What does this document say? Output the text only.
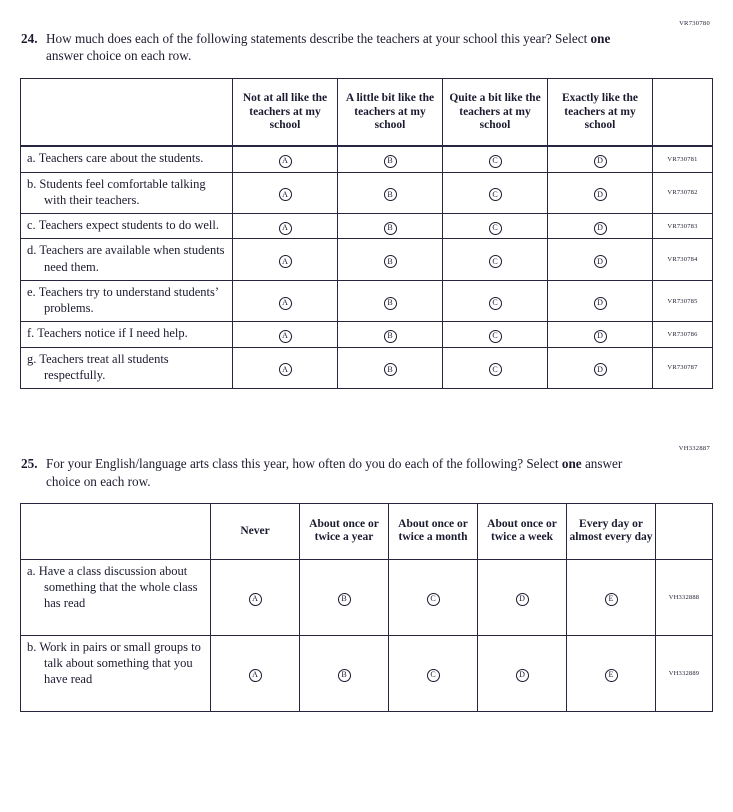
VR730780

24. How much does each of the following statements describe the teachers at your school this year? Select one answer choice on each row.

	Not at all like the teachers at my school	A little bit like the teachers at my school	Quite a bit like the teachers at my school	Exactly like the teachers at my school	

a. Teachers care about the students.	A	B	C	D	VR730781

b. Students feel comfortable talking with their teachers.	A	B	C	D	VR730782

c. Teachers expect students to do well.	A	B	C	D	VR730783

d. Teachers are available when students need them.	A	B	C	D	VR730784

e. Teachers try to understand students’ problems.	A	B	C	D	VR730785

f. Teachers notice if I need help.	A	B	C	D	VR730786

g. Teachers treat all students respectfully.	A	B	C	D	VR730787
VH332887

25. For your English/language arts class this year, how often do you do each of the following? Select one answer choice on each row.

	Never	About once or twice a year	About once or twice a month	About once or twice a week	Every day or almost every day	

a. Have a class discussion about something that the whole class has read	A	B	C	D	E	VH332888

b. Work in pairs or small groups to talk about something that you have read	A	B	C	D	E	VH332889
